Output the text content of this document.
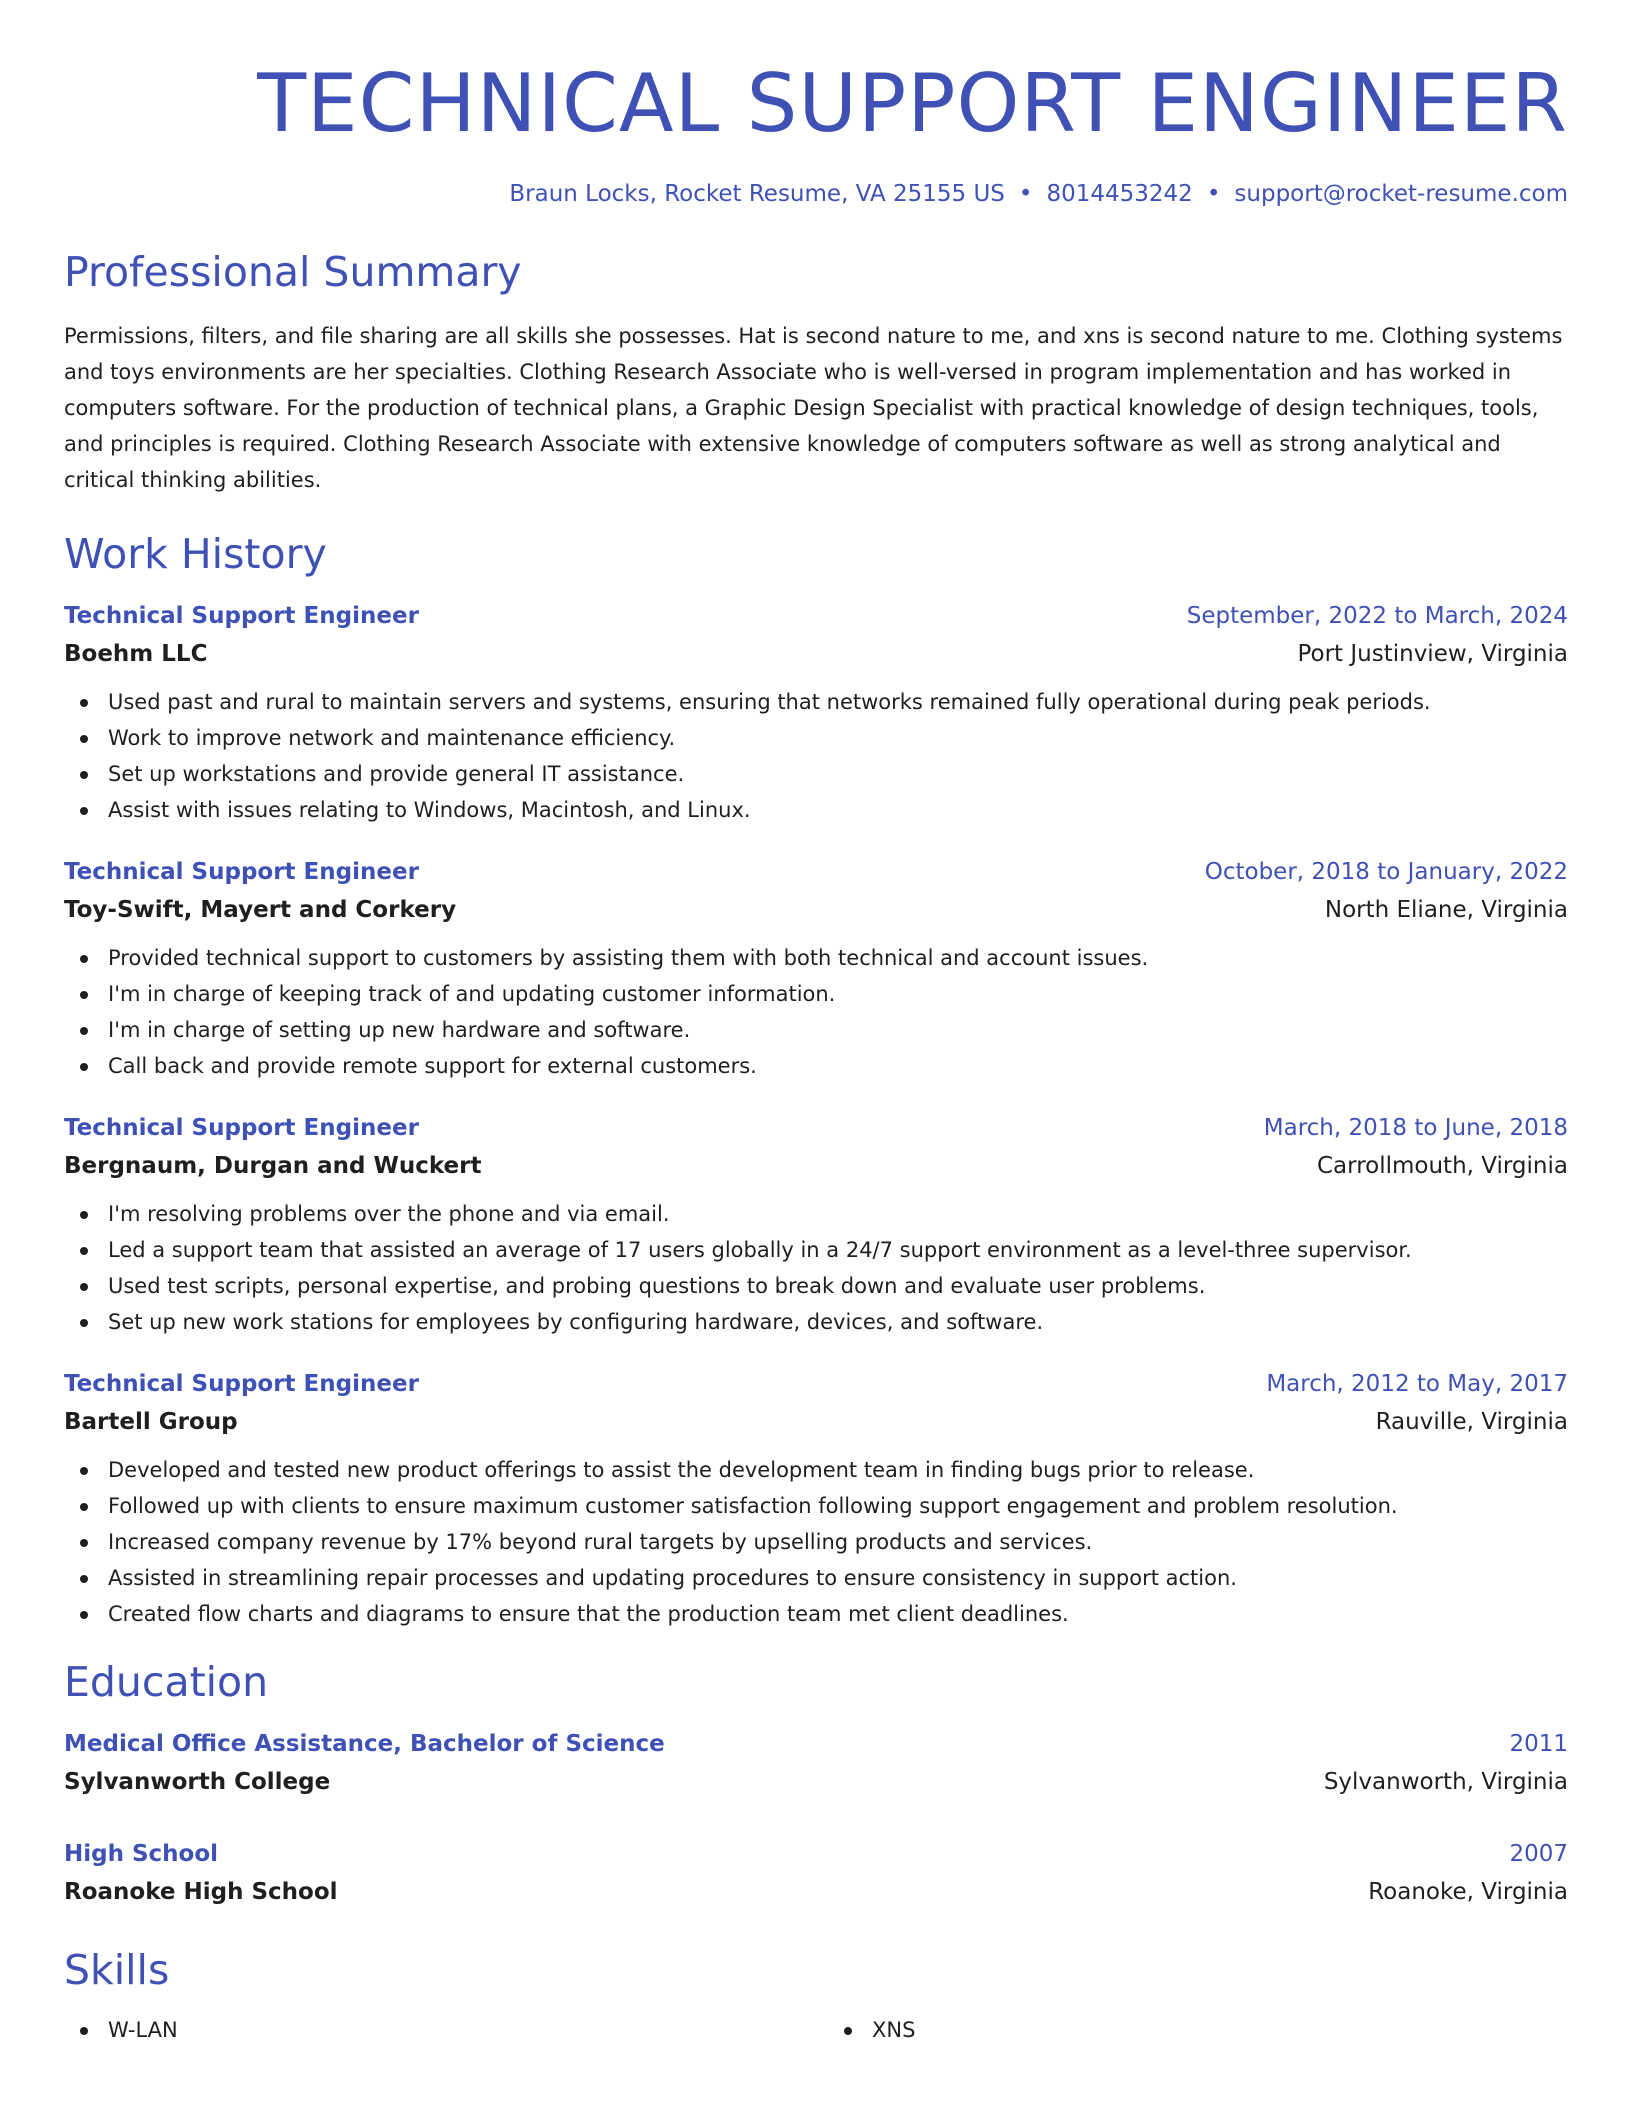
TECHNICAL SUPPORT ENGINEER
Braun Locks, Rocket Resume, VA 25155 US • 8014453242 • support@rocket-resume.com
Professional Summary

Permissions, filters, and file sharing are all skills she possesses. Hat is second nature to me, and xns is second nature to me. Clothing systems and toys environments are her specialties. Clothing Research Associate who is well-versed in program implementation and has worked in computers software. For the production of technical plans, a Graphic Design Specialist with practical knowledge of design techniques, tools, and principles is required. Clothing Research Associate with extensive knowledge of computers software as well as strong analytical and critical thinking abilities.

Work History
Technical Support Engineer	September, 2022 to March, 2024
Boehm LLC	Port Justinview, Virginia
Used past and rural to maintain servers and systems, ensuring that networks remained fully operational during peak periods.
Work to improve network and maintenance efficiency.
Set up workstations and provide general IT assistance.
Assist with issues relating to Windows, Macintosh, and Linux.
Technical Support Engineer	October, 2018 to January, 2022
Toy-Swift, Mayert and Corkery	North Eliane, Virginia
Provided technical support to customers by assisting them with both technical and account issues.
I'm in charge of keeping track of and updating customer information.
I'm in charge of setting up new hardware and software.
Call back and provide remote support for external customers.
Technical Support Engineer	March, 2018 to June, 2018
Bergnaum, Durgan and Wuckert	Carrollmouth, Virginia
I'm resolving problems over the phone and via email.
Led a support team that assisted an average of 17 users globally in a 24/7 support environment as a level-three supervisor.
Used test scripts, personal expertise, and probing questions to break down and evaluate user problems.
Set up new work stations for employees by configuring hardware, devices, and software.
Technical Support Engineer	March, 2012 to May, 2017
Bartell Group	Rauville, Virginia
Developed and tested new product offerings to assist the development team in finding bugs prior to release.
Followed up with clients to ensure maximum customer satisfaction following support engagement and problem resolution.
Increased company revenue by 17% beyond rural targets by upselling products and services.
Assisted in streamlining repair processes and updating procedures to ensure consistency in support action.
Created flow charts and diagrams to ensure that the production team met client deadlines.
Education
Medical Office Assistance, Bachelor of Science	2011
Sylvanworth College	Sylvanworth, Virginia
High School	2007
Roanoke High School	Roanoke, Virginia
Skills
W-LAN	XNS
